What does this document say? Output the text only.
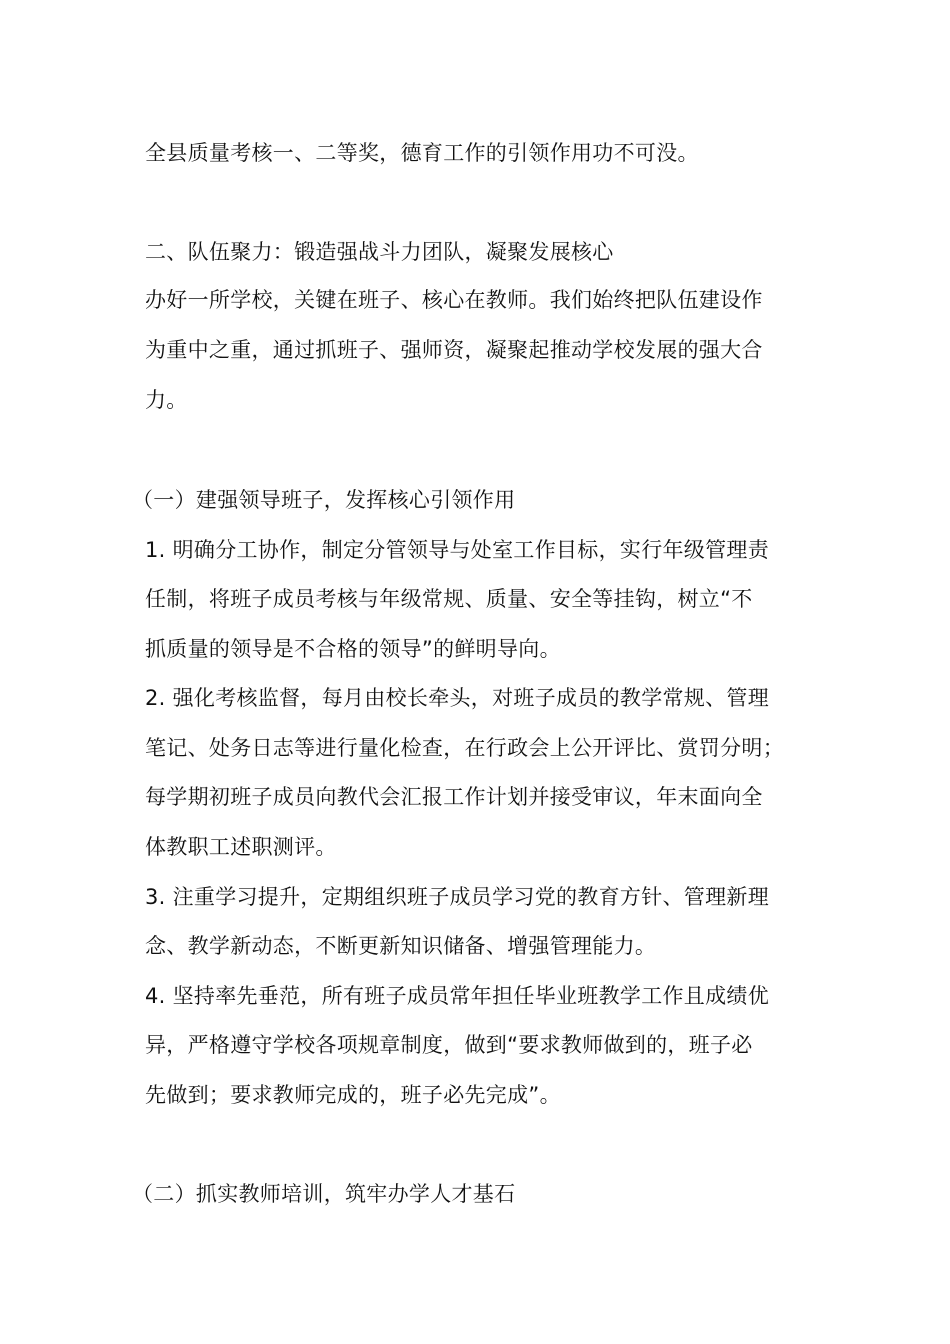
全县质量考核一、二等奖，德育工作的引领作用功不可没。
二、队伍聚力：锻造强战斗力团队，凝聚发展核心
办好一所学校，关键在班子、核心在教师。我们始终把队伍建设作
为重中之重，通过抓班子、强师资，凝聚起推动学校发展的强大合
力。
（一）建强领导班子，发挥核心引领作用
1. 明确分工协作，制定分管领导与处室工作目标，实行年级管理责
任制，将班子成员考核与年级常规、质量、安全等挂钩，树立“不
抓质量的领导是不合格的领导”的鲜明导向。
2. 强化考核监督，每月由校长牵头，对班子成员的教学常规、管理
笔记、处务日志等进行量化检查，在行政会上公开评比、赏罚分明；
每学期初班子成员向教代会汇报工作计划并接受审议，年末面向全
体教职工述职测评。
3. 注重学习提升，定期组织班子成员学习党的教育方针、管理新理
念、教学新动态，不断更新知识储备、增强管理能力。
4. 坚持率先垂范，所有班子成员常年担任毕业班教学工作且成绩优
异，严格遵守学校各项规章制度，做到“要求教师做到的，班子必
先做到；要求教师完成的，班子必先完成”。
（二）抓实教师培训，筑牢办学人才基石
